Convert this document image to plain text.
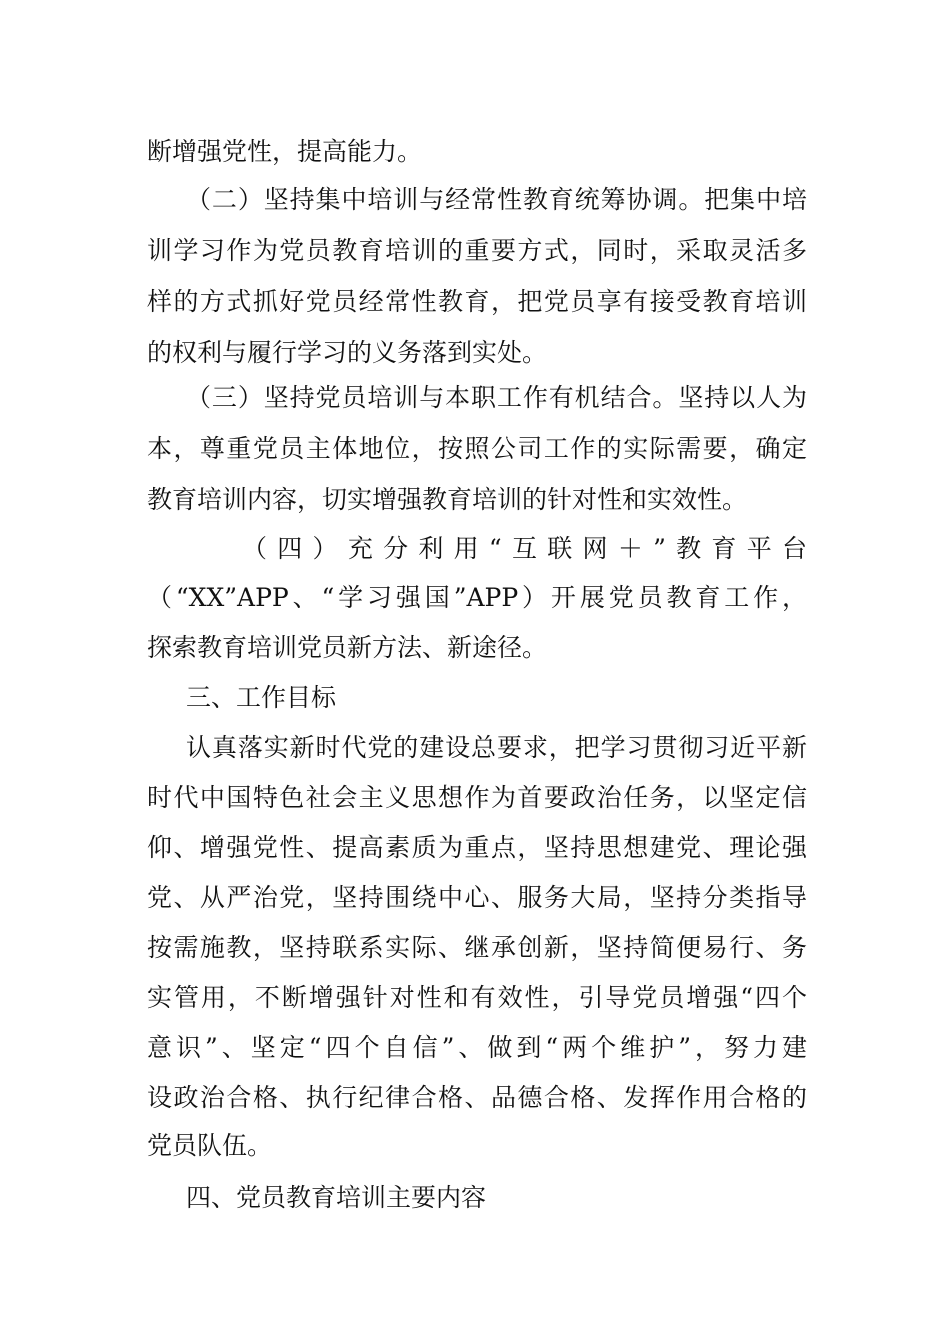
断增强党性，提高能力。
（二）坚持集中培训与经常性教育统筹协调。把集中培
训学习作为党员教育培训的重要方式，同时，采取灵活多
样的方式抓好党员经常性教育，把党员享有接受教育培训
的权利与履行学习的义务落到实处。
（三）坚持党员培训与本职工作有机结合。坚持以人为
本，尊重党员主体地位，按照公司工作的实际需要，确定
教育培训内容，切实增强教育培训的针对性和实效性。
（四）充分利用“互联网＋”教育平台
（“XX”APP、“学习强国”APP）开展党员教育工作，
探索教育培训党员新方法、新途径。
三、工作目标
认真落实新时代党的建设总要求，把学习贯彻习近平新
时代中国特色社会主义思想作为首要政治任务，以坚定信
仰、增强党性、提高素质为重点，坚持思想建党、理论强
党、从严治党，坚持围绕中心、服务大局，坚持分类指导
按需施教，坚持联系实际、继承创新，坚持简便易行、务
实管用，不断增强针对性和有效性，引导党员增强“四个
意识”、坚定“四个自信”、做到“两个维护”，努力建
设政治合格、执行纪律合格、品德合格、发挥作用合格的
党员队伍。
四、党员教育培训主要内容
